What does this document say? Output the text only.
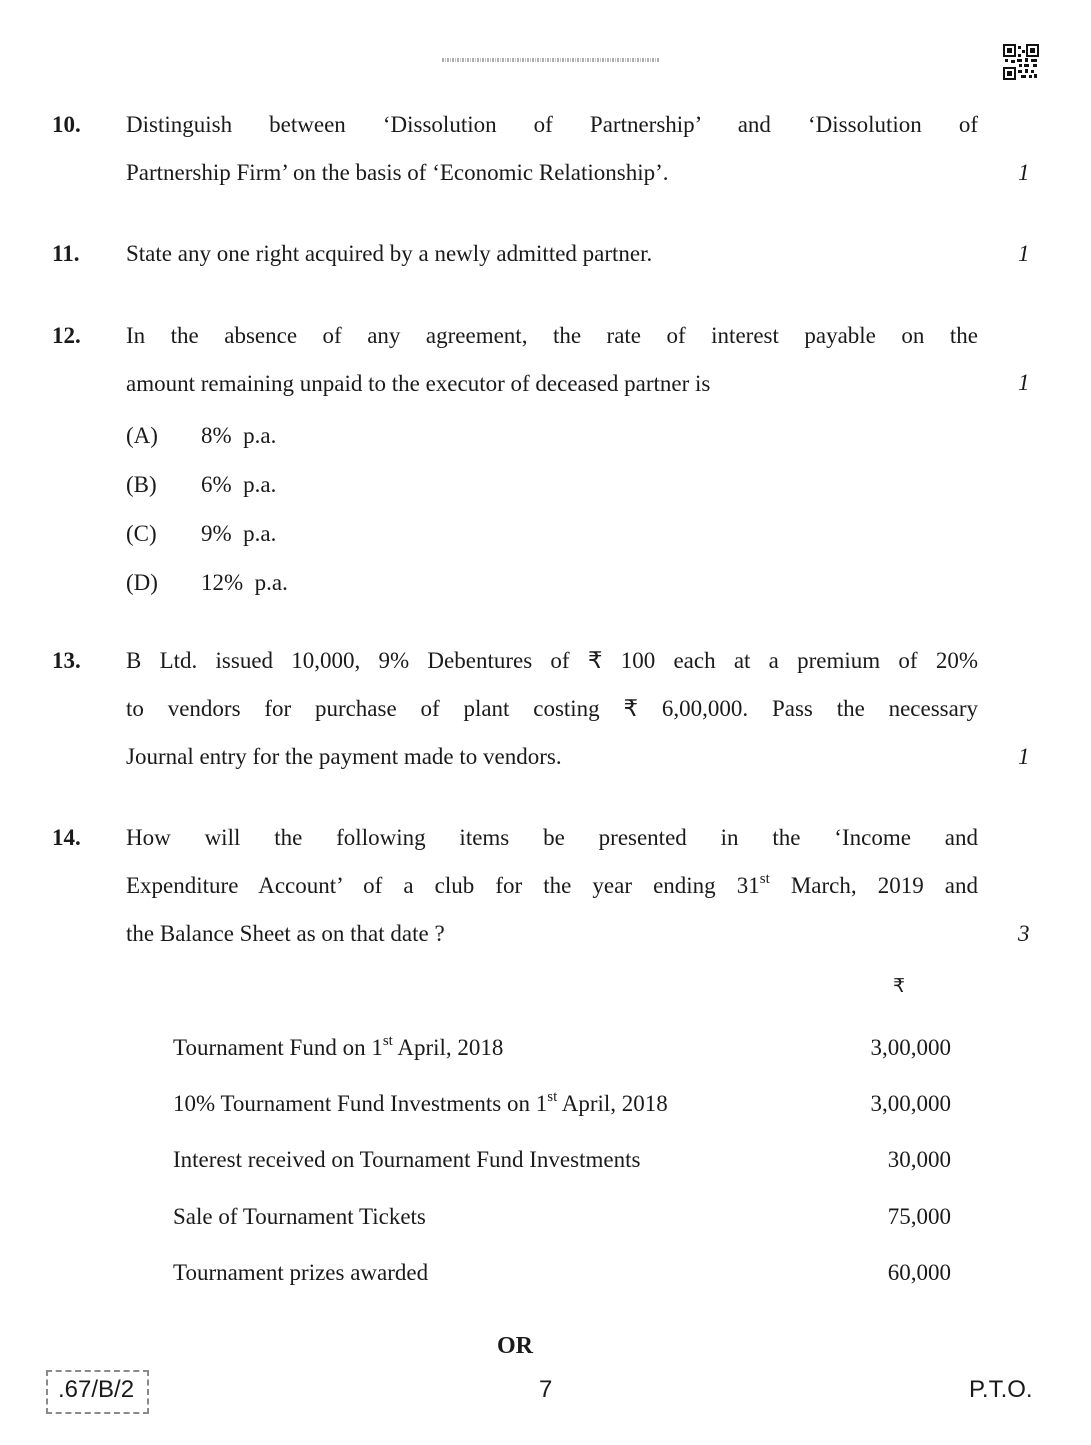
10. Distinguish between ‘Dissolution of Partnership’ and ‘Dissolution of
Partnership Firm’ on the basis of ‘Economic Relationship’.	1
11. State any one right acquired by a newly admitted partner.	1
12. In the absence of any agreement, the rate of interest payable on the
amount remaining unpaid to the executor of deceased partner is	1
(A) 8%  p.a.
(B) 6%  p.a.
(C) 9%  p.a.
(D) 12%  p.a.
13. B Ltd. issued 10,000, 9% Debentures of ₹ 100 each at a premium of 20%
to vendors for purchase of plant costing ₹ 6,00,000. Pass the necessary
Journal entry for the payment made to vendors.	1
14. How will the following items be presented in the ‘Income and
Expenditure Account’ of a club for the year ending 31st March, 2019 and
the Balance Sheet as on that date ?	3
₹
Tournament Fund on 1st April, 2018	3,00,000
10% Tournament Fund Investments on 1st April, 2018	3,00,000
Interest received on Tournament Fund Investments	30,000
Sale of Tournament Tickets	75,000
Tournament prizes awarded	60,000
OR
.67/B/2	7	P.T.O.
